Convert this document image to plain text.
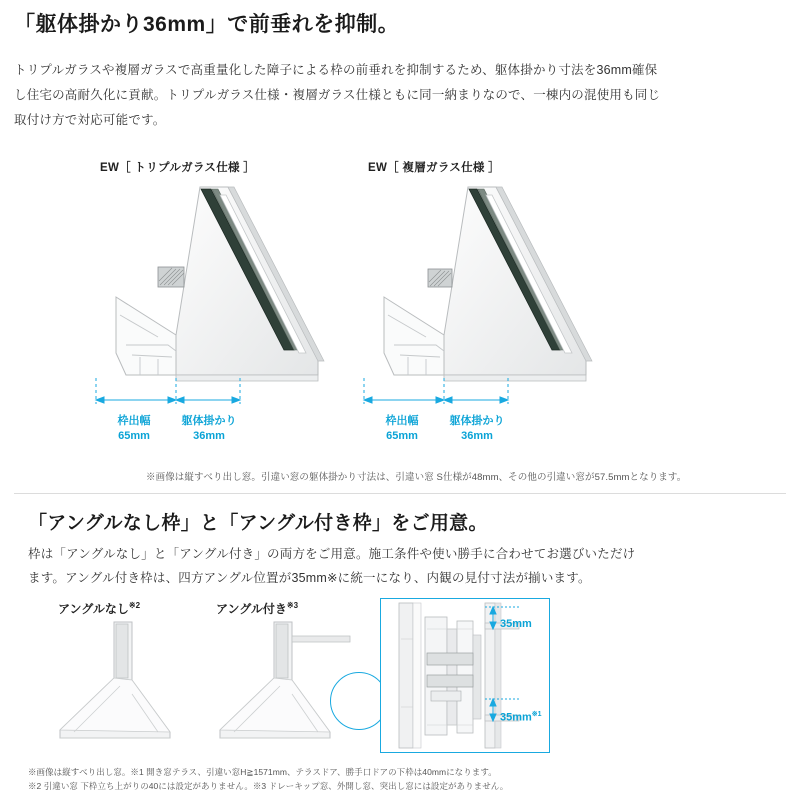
「躯体掛かり36mm」で前垂れを抑制。
トリプルガラスや複層ガラスで高重量化した障子による枠の前垂れを抑制するため、躯体掛かり寸法を36mm確保し住宅の高耐久化に貢献。トリプルガラス仕様・複層ガラス仕様ともに同一納まりなので、一棟内の混使用も同じ取付け方で対応可能です。
EW［ トリプルガラス仕様 ］
枠出幅
65mm
躯体掛かり
36mm
EW［ 複層ガラス仕様 ］
枠出幅
65mm
躯体掛かり
36mm
※画像は縦すべり出し窓。引違い窓の躯体掛かり寸法は、引違い窓 S仕様が48mm、その他の引違い窓が57.5mmとなります。
「アングルなし枠」と「アングル付き枠」をご用意。
枠は「アングルなし」と「アングル付き」の両方をご用意。施工条件や使い勝手に合わせてお選びいただけます。アングル付き枠は、四方アングル位置が35mm※に統一になり、内観の見付寸法が揃います。
アングルなし$^{※2}$	アングル付き$^{※3}$
35mm
$35mm^{※1}$
※画像は縦すべり出し窓。※1 開き窓テラス、引違い窓H≧1571mm、テラスドア、勝手口ドアの下枠は40mmになります。
※2 引違い窓 下枠立ち上がりの40には設定がありません。※3 ドレーキップ窓、外開し窓、突出し窓には設定がありません。
